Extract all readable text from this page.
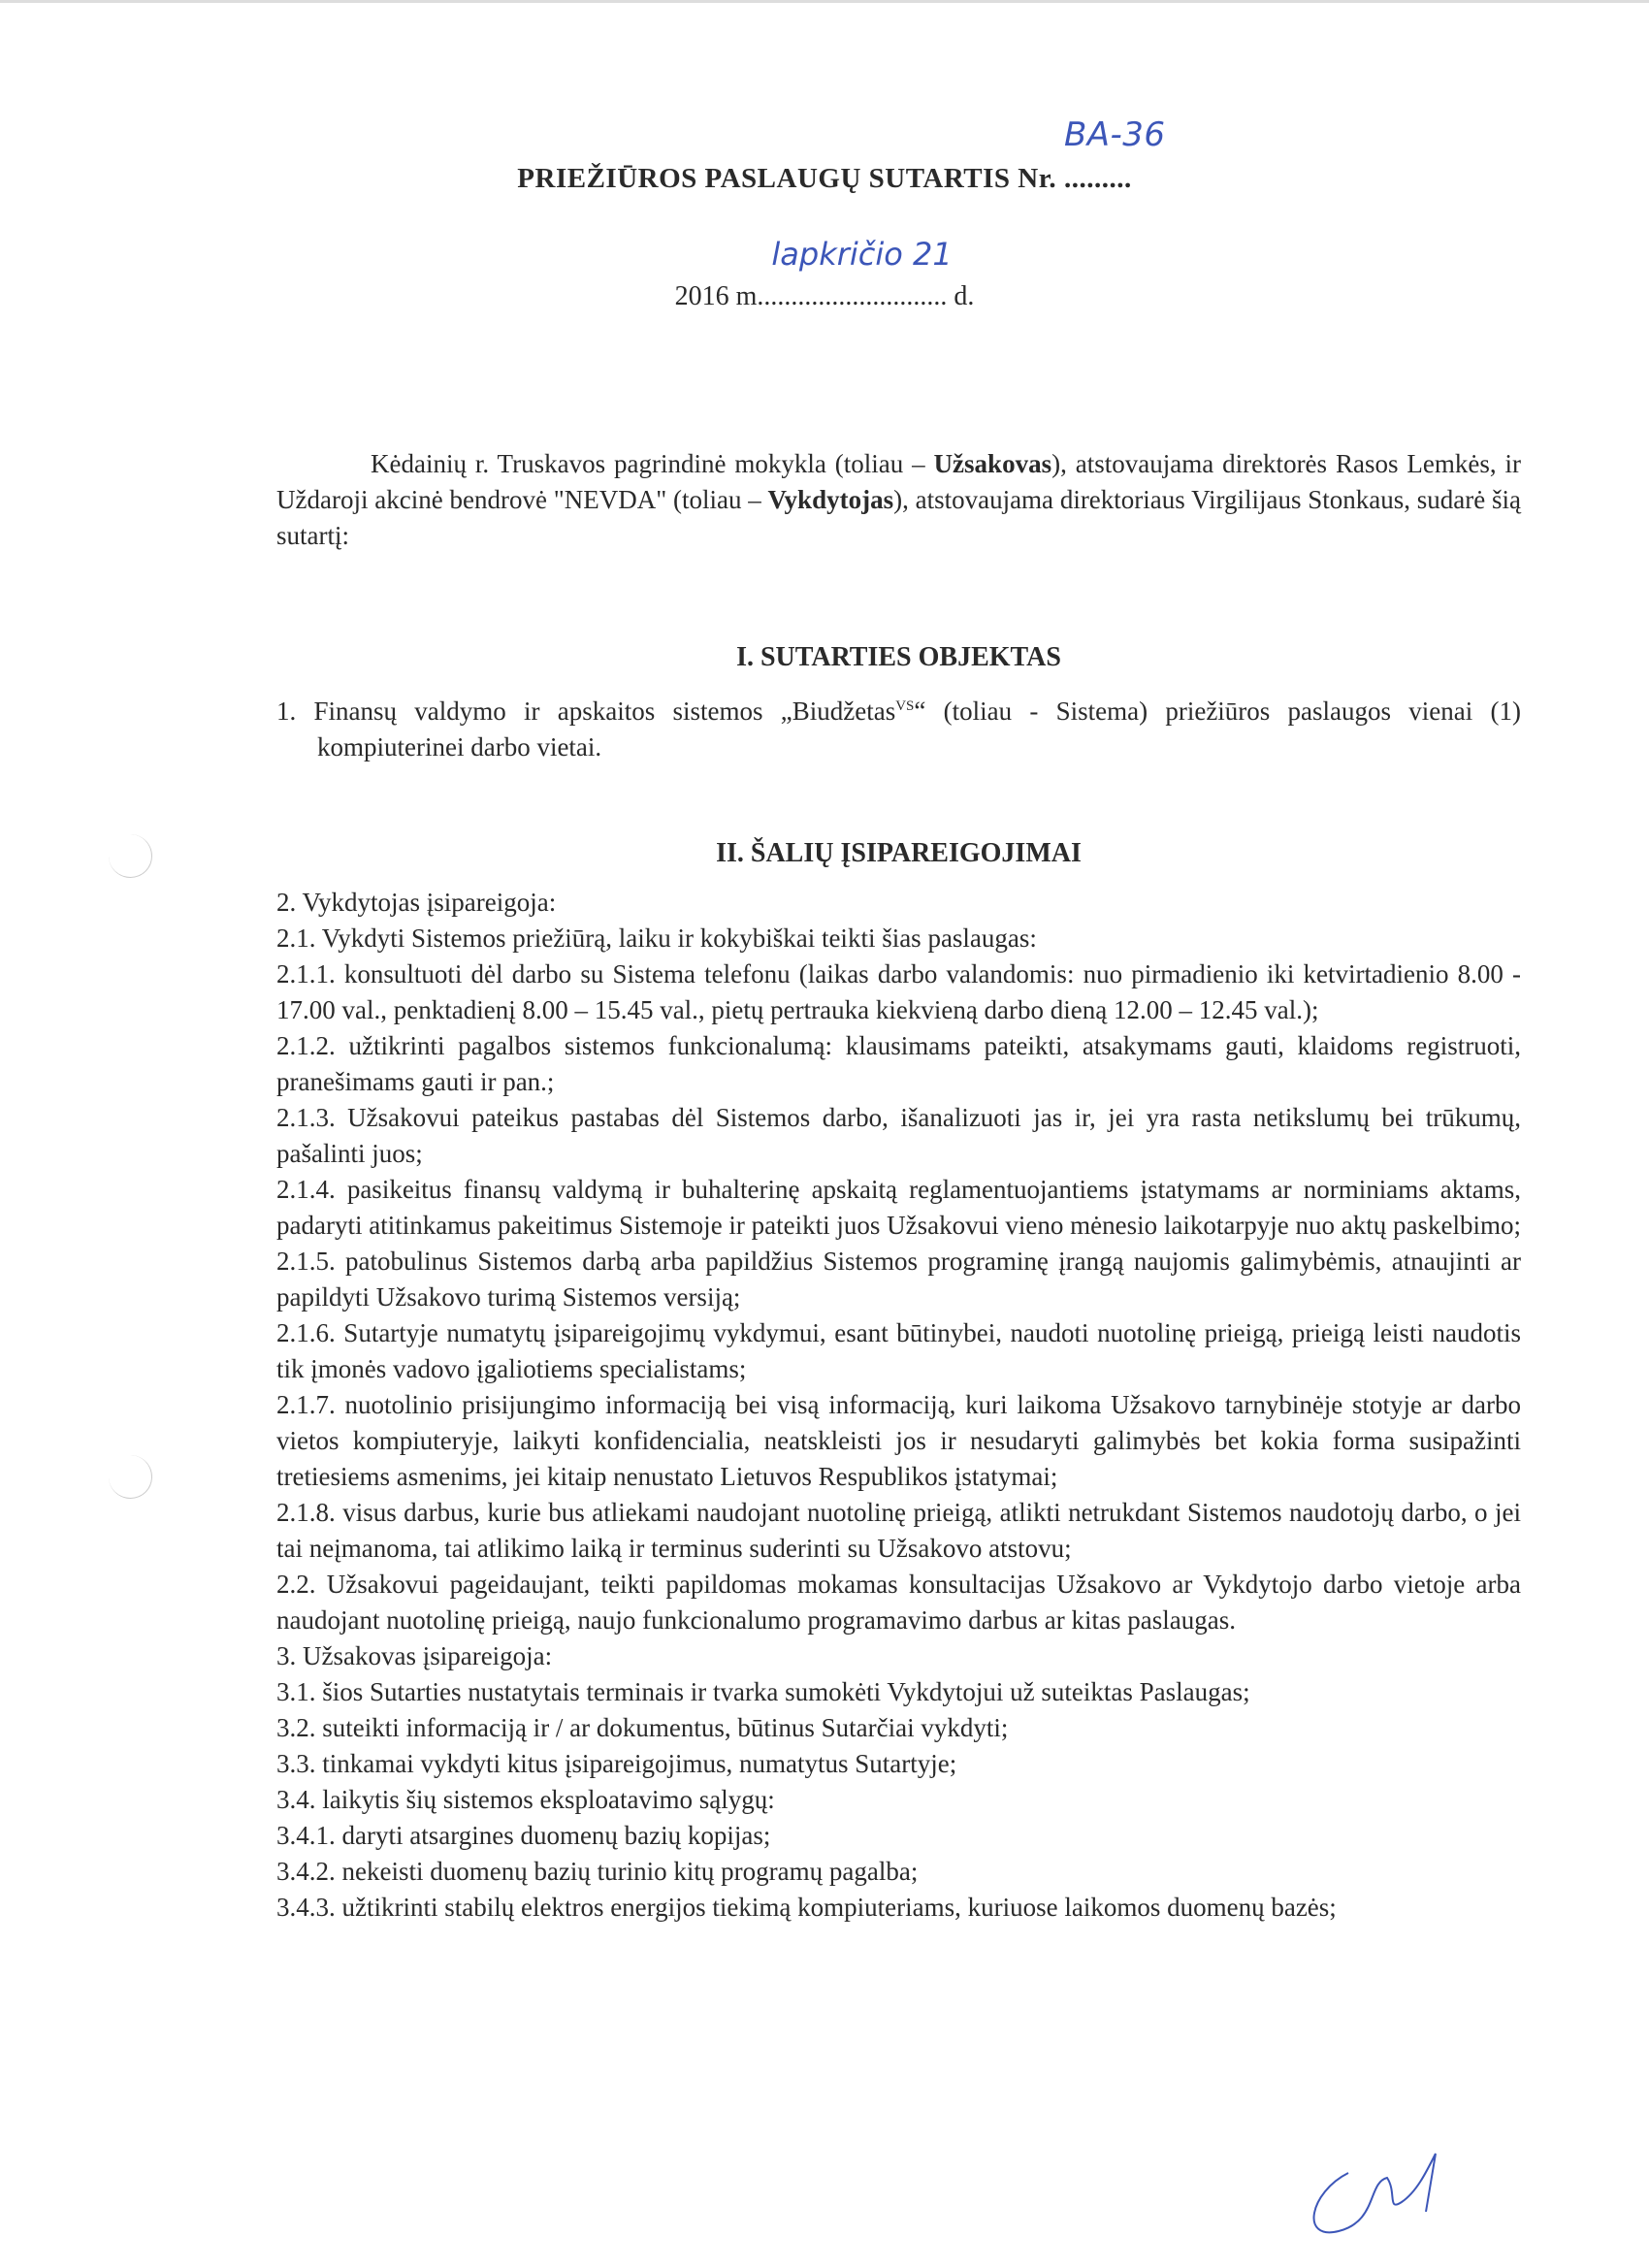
PRIEŽIŪROS PASLAUGŲ SUTARTIS Nr. .........
BA-36
2016 m............................
lapkričio 21
d.

Kėdainių r. Truskavos pagrindinė mokykla (toliau – Užsakovas), atstovaujama direktorės Rasos Lemkės, ir Uždaroji akcinė bendrovė "NEVDA" (toliau – Vykdytojas), atstovaujama direktoriaus Virgilijaus Stonkaus, sudarė šią sutartį:

I. SUTARTIES OBJEKTAS

1. Finansų valdymo ir apskaitos sistemos „Biudžetas$^{VS}$“ (toliau - Sistema) priežiūros paslaugos vienai (1) kompiuterinei darbo vietai.

II. ŠALIŲ ĮSIPAREIGOJIMAI

2. Vykdytojas įsipareigoja:

2.1. Vykdyti Sistemos priežiūrą, laiku ir kokybiškai teikti šias paslaugas:

2.1.1. konsultuoti dėl darbo su Sistema telefonu (laikas darbo valandomis: nuo pirmadienio iki ketvirtadienio 8.00 - 17.00 val., penktadienį 8.00 – 15.45 val., pietų pertrauka kiekvieną darbo dieną 12.00 – 12.45 val.);

2.1.2. užtikrinti pagalbos sistemos funkcionalumą: klausimams pateikti, atsakymams gauti, klaidoms registruoti, pranešimams gauti ir pan.;

2.1.3. Užsakovui pateikus pastabas dėl Sistemos darbo, išanalizuoti jas ir, jei yra rasta netikslumų bei trūkumų, pašalinti juos;

2.1.4. pasikeitus finansų valdymą ir buhalterinę apskaitą reglamentuojantiems įstatymams ar norminiams aktams, padaryti atitinkamus pakeitimus Sistemoje ir pateikti juos Užsakovui vieno mėnesio laikotarpyje nuo aktų paskelbimo;

2.1.5. patobulinus Sistemos darbą arba papildžius Sistemos programinę įrangą naujomis galimybėmis, atnaujinti ar papildyti Užsakovo turimą Sistemos versiją;

2.1.6. Sutartyje numatytų įsipareigojimų vykdymui, esant būtinybei, naudoti nuotolinę prieigą, prieigą leisti naudotis tik įmonės vadovo įgaliotiems specialistams;

2.1.7. nuotolinio prisijungimo informaciją bei visą informaciją, kuri laikoma Užsakovo tarnybinėje stotyje ar darbo vietos kompiuteryje, laikyti konfidencialia, neatskleisti jos ir nesudaryti galimybės bet kokia forma susipažinti tretiesiems asmenims, jei kitaip nenustato Lietuvos Respublikos įstatymai;

2.1.8. visus darbus, kurie bus atliekami naudojant nuotolinę prieigą, atlikti netrukdant Sistemos naudotojų darbo, o jei tai neįmanoma, tai atlikimo laiką ir terminus suderinti su Užsakovo atstovu;

2.2. Užsakovui pageidaujant, teikti papildomas mokamas konsultacijas Užsakovo ar Vykdytojo darbo vietoje arba naudojant nuotolinę prieigą, naujo funkcionalumo programavimo darbus ar kitas paslaugas.

3. Užsakovas įsipareigoja:

3.1. šios Sutarties nustatytais terminais ir tvarka sumokėti Vykdytojui už suteiktas Paslaugas;

3.2. suteikti informaciją ir / ar dokumentus, būtinus Sutarčiai vykdyti;

3.3. tinkamai vykdyti kitus įsipareigojimus, numatytus Sutartyje;

3.4. laikytis šių sistemos eksploatavimo sąlygų:

3.4.1. daryti atsargines duomenų bazių kopijas;

3.4.2. nekeisti duomenų bazių turinio kitų programų pagalba;

3.4.3. užtikrinti stabilų elektros energijos tiekimą kompiuteriams, kuriuose laikomos duomenų bazės;
